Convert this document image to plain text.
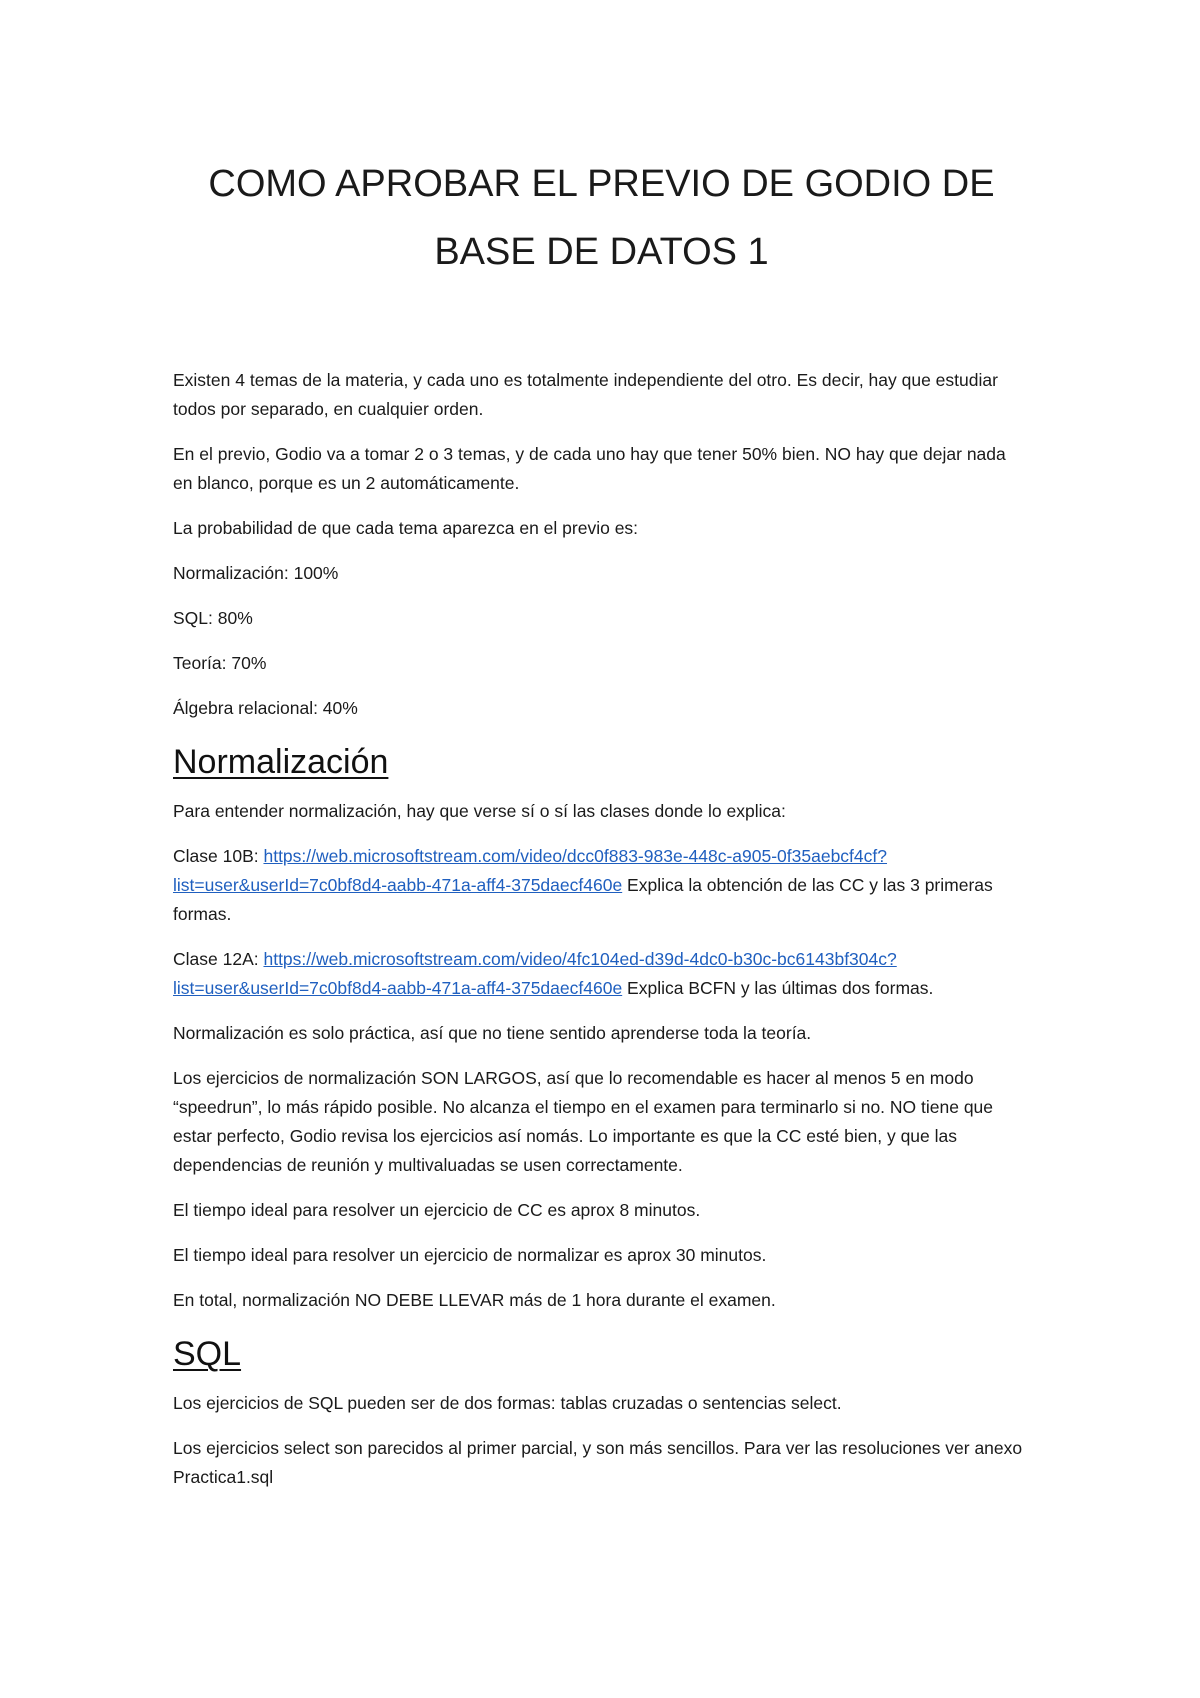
COMO APROBAR EL PREVIO DE GODIO DE
BASE DE DATOS 1

Existen 4 temas de la materia, y cada uno es totalmente independiente del otro. Es decir, hay que estudiar todos por separado, en cualquier orden.

En el previo, Godio va a tomar 2 o 3 temas, y de cada uno hay que tener 50% bien. NO hay que dejar nada en blanco, porque es un 2 automáticamente.

La probabilidad de que cada tema aparezca en el previo es:

Normalización: 100%

SQL: 80%

Teoría: 70%

Álgebra relacional: 40%

Normalización

Para entender normalización, hay que verse sí o sí las clases donde lo explica:

Clase 10B: https://web.microsoftstream.com/video/dcc0f883-983e-448c-a905-0f35aebcf4cf?
list=user&userId=7c0bf8d4-aabb-471a-aff4-375daecf460e Explica la obtención de las CC y las 3 primeras formas.

Clase 12A: https://web.microsoftstream.com/video/4fc104ed-d39d-4dc0-b30c-bc6143bf304c?
list=user&userId=7c0bf8d4-aabb-471a-aff4-375daecf460e Explica BCFN y las últimas dos formas.

Normalización es solo práctica, así que no tiene sentido aprenderse toda la teoría.

Los ejercicios de normalización SON LARGOS, así que lo recomendable es hacer al menos 5 en modo “speedrun”, lo más rápido posible. No alcanza el tiempo en el examen para terminarlo si no. NO tiene que estar perfecto, Godio revisa los ejercicios así nomás. Lo importante es que la CC esté bien, y que las dependencias de reunión y multivaluadas se usen correctamente.

El tiempo ideal para resolver un ejercicio de CC es aprox 8 minutos.

El tiempo ideal para resolver un ejercicio de normalizar es aprox 30 minutos.

En total, normalización NO DEBE LLEVAR más de 1 hora durante el examen.

SQL

Los ejercicios de SQL pueden ser de dos formas: tablas cruzadas o sentencias select.

Los ejercicios select son parecidos al primer parcial, y son más sencillos. Para ver las resoluciones ver anexo Practica1.sql
